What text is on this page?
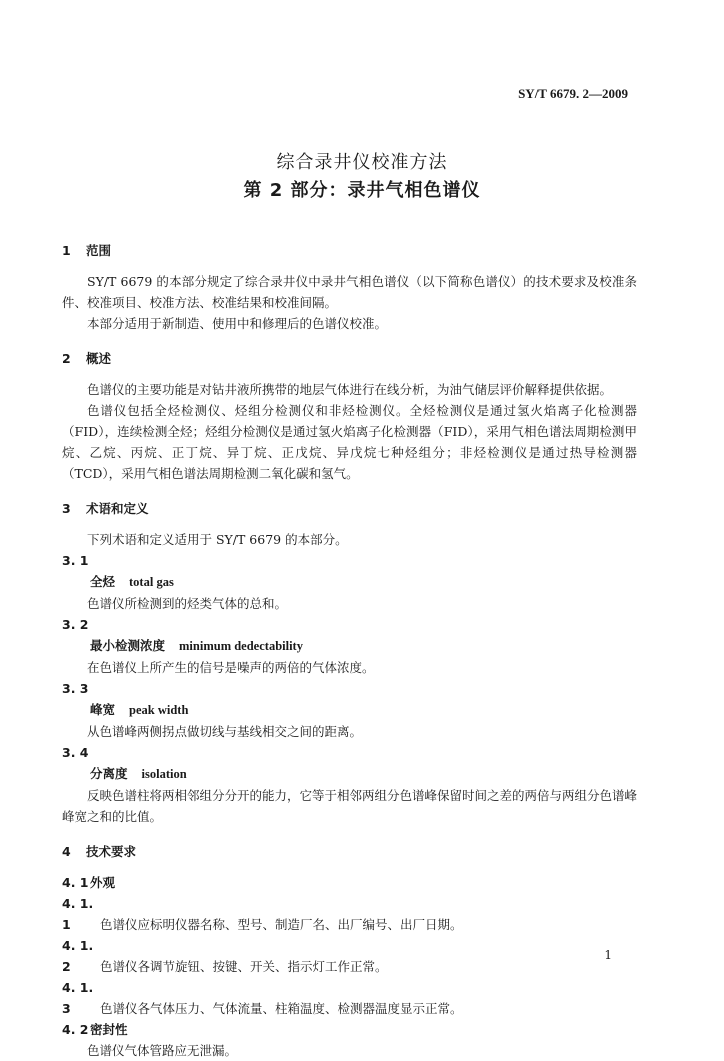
SY/T 6679. 2—2009
综合录井仪校准方法
第 2 部分：录井气相色谱仪

1 范围

SY/T 6679 的本部分规定了综合录井仪中录井气相色谱仪（以下简称色谱仪）的技术要求及校准条件、校准项目、校准方法、校准结果和校准间隔。

本部分适用于新制造、使用中和修理后的色谱仪校准。

2 概述

色谱仪的主要功能是对钻井液所携带的地层气体进行在线分析，为油气储层评价解释提供依据。

色谱仪包括全烃检测仪、烃组分检测仪和非烃检测仪。全烃检测仪是通过氢火焰离子化检测器（FID），连续检测全烃；烃组分检测仪是通过氢火焰离子化检测器（FID），采用气相色谱法周期检测甲烷、乙烷、丙烷、正丁烷、异丁烷、正戊烷、异戊烷七种烃组分；非烃检测仪是通过热导检测器（TCD），采用气相色谱法周期检测二氧化碳和氢气。

3 术语和定义

下列术语和定义适用于 SY/T 6679 的本部分。

3. 1

全烃 total gas

色谱仪所检测到的烃类气体的总和。

3. 2

最小检测浓度 minimum dedectability

在色谱仪上所产生的信号是噪声的两倍的气体浓度。

3. 3

峰宽 peak width

从色谱峰两侧拐点做切线与基线相交之间的距离。

3. 4

分离度 isolation

反映色谱柱将两相邻组分分开的能力，它等于相邻两组分色谱峰保留时间之差的两倍与两组分色谱峰峰宽之和的比值。

4 技术要求

4. 1 外观

4. 1. 1 色谱仪应标明仪器名称、型号、制造厂名、出厂编号、出厂日期。

4. 1. 2 色谱仪各调节旋钮、按键、开关、指示灯工作正常。

4. 1. 3 色谱仪各气体压力、气体流量、柱箱温度、检测器温度显示正常。

4. 2 密封性

色谱仪气体管路应无泄漏。

1
